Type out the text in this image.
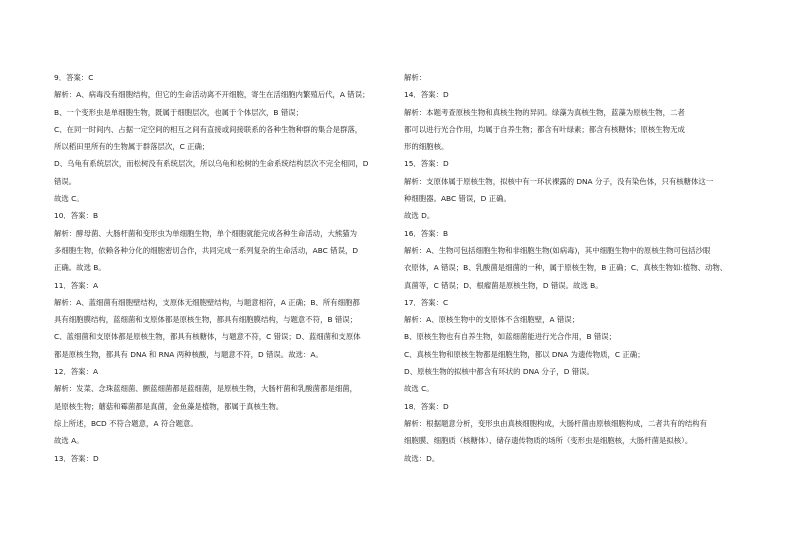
9．答案：C
解析：A、病毒没有细胞结构，但它的生命活动离不开细胞，寄生在活细胞内繁殖后代，A 错误；
B、一个变形虫是单细胞生物，既属于细胞层次，也属于个体层次，B 错误；
C、在同一时间内、占据一定空间的相互之间有直接或间接联系的各种生物种群的集合是群落，
所以稻田里所有的生物属于群落层次，C 正确；
D、乌龟有系统层次，而松树没有系统层次，所以乌龟和松树的生命系统结构层次不完全相同，D
错误。
故选 C。
10．答案：B
解析：酵母菌、大肠杆菌和变形虫为单细胞生物，单个细胞就能完成各种生命活动，大熊猫为
多细胞生物，依赖各种分化的细胞密切合作，共同完成一系列复杂的生命活动，ABC 错误，D
正确。故选 B。
11．答案：A
解析：A、蓝细菌有细胞壁结构，支原体无细胞壁结构，与题意相符，A 正确；B、所有细胞都
具有细胞膜结构，蓝细菌和支原体都是原核生物，都具有细胞膜结构，与题意不符，B 错误；
C、蓝细菌和支原体都是原核生物，都具有核糖体，与题意不符，C 错误；D、蓝细菌和支原体
都是原核生物，都具有 DNA 和 RNA 两种核酸，与题意不符，D 错误。故选：A。
12．答案：A
解析：发菜、念珠蓝细菌、颤蓝细菌都是蓝细菌，是原核生物，大肠杆菌和乳酸菌都是细菌，
是原核生物；蘑菇和霉菌都是真菌，金鱼藻是植物，都属于真核生物。
综上所述，BCD 不符合题意，A 符合题意。
故选 A。
13．答案：D
解析：
14．答案：D
解析：本题考查原核生物和真核生物的异同。绿藻为真核生物，蓝藻为原核生物，二者
都可以进行光合作用，均属于自养生物；都含有叶绿素；都含有核糖体；原核生物无成
形的细胞核。
15．答案：D
解析：支原体属于原核生物，拟核中有一环状裸露的 DNA 分子，没有染色体，只有核糖体这一
种细胞器。ABC 错误，D 正确。
故选 D。
16．答案：B
解析：A、生物可包括细胞生物和非细胞生物(如病毒)，其中细胞生物中的原核生物可包括沙眼
衣原体，A 错误；B、乳酸菌是细菌的一种，属于原核生物，B 正确；C、真核生物如:植物、动物、
真菌等，C 错误；D、根瘤菌是原核生物，D 错误。故选 B。
17．答案：C
解析：A、原核生物中的支原体不含细胞壁，A 错误；
B、原核生物也有自养生物，如蓝细菌能进行光合作用，B 错误；
C、真核生物和原核生物都是细胞生物，都以 DNA 为遗传物质，C 正确；
D、原核生物的拟核中都含有环状的 DNA 分子，D 错误。
故选 C。
18．答案：D
解析：根据题意分析，变形虫由真核细胞构成，大肠杆菌由原核细胞构成，二者共有的结构有
细胞膜、细胞质（核糖体）、储存遗传物质的场所（变形虫是细胞核，大肠杆菌是拟核）。
故选：D。
